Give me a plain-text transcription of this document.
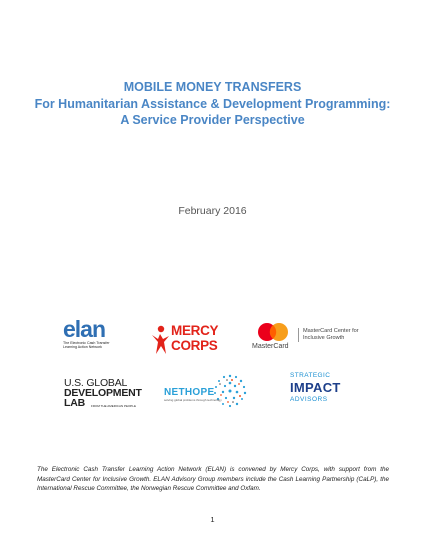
MOBILE MONEY TRANSFERS
For Humanitarian Assistance & Development Programming:
A Service Provider Perspective
February 2016
elan
The Electronic Cash Transfer Learning Action Network
MERCY
CORPS	MasterCard
MasterCard Center for Inclusive Growth
U.S. GLOBAL
DEVELOPMENT
LAB	FROM THE AMERICAN PEOPLE
NETHOPE
solving global problems through technology
STRATEGIC
IMPACT
ADVISORS
The Electronic Cash Transfer Learning Action Network (ELAN) is convened by Mercy Corps, with support from the MasterCard Center for Inclusive Growth. ELAN Advisory Group members include the Cash Learning Partnership (CaLP), the International Rescue Committee, the Norwegian Rescue Committee and Oxfam.
1
